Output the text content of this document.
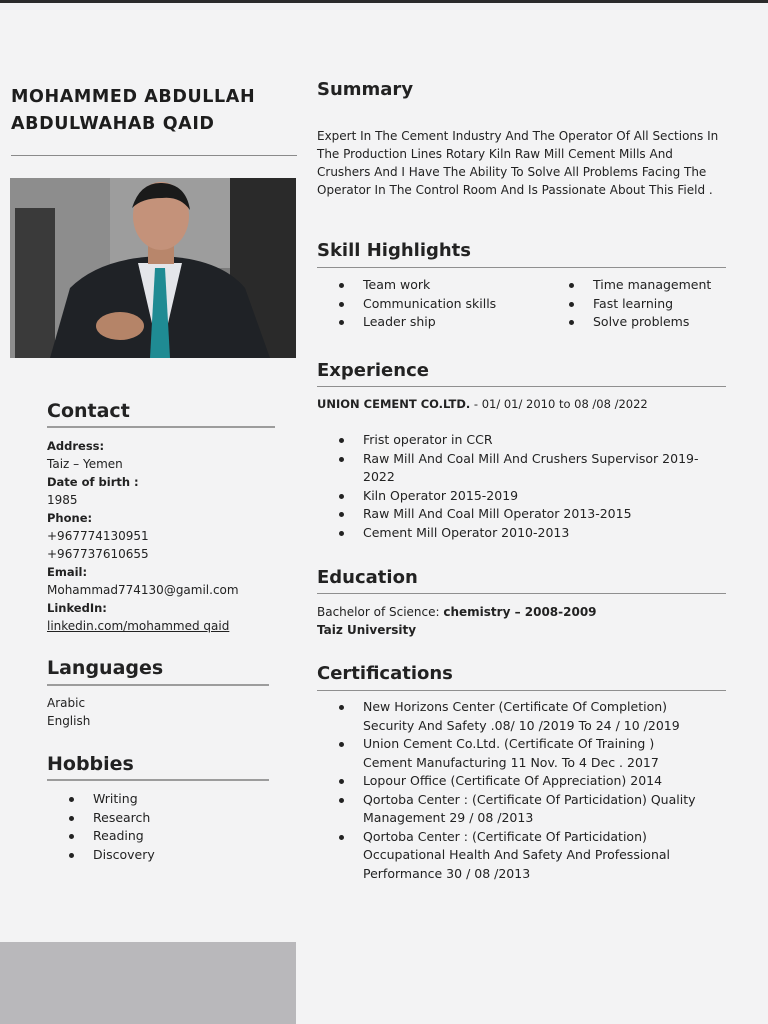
MOHAMMED ABDULLAH
ABDULWAHAB QAID
Contact
Address:
Taiz – Yemen
Date of birth :
1985
Phone:
+967774130951
+967737610655
Email:
Mohammad774130@gamil.com
LinkedIn:
linkedin.com/mohammed qaid
Languages
Arabic
English
Hobbies
Writing
Research
Reading
Discovery
Summary

Expert In The Cement Industry And The Operator Of All Sections In The Production Lines Rotary Kiln Raw Mill Cement Mills And Crushers And I Have The Ability To Solve All Problems Facing The Operator In The Control Room And Is Passionate About This Field .

Skill Highlights
Team work
Communication skills
Leader ship
Time management
Fast learning
Solve problems
Experience
UNION CEMENT CO.LTD. - 01/ 01/ 2010 to 08 /08 /2022
Frist operator in CCR
Raw Mill And Coal Mill And Crushers Supervisor 2019-2022
Kiln Operator 2015-2019
Raw Mill And Coal Mill Operator 2013-2015
Cement Mill Operator 2010-2013
Education
Bachelor of Science: chemistry – 2008-2009
Taiz University
Certifications
New Horizons Center (Certificate Of Completion) Security And Safety .08/ 10 /2019 To 24 / 10 /2019
Union Cement Co.Ltd. (Certificate Of Training ) Cement Manufacturing 11 Nov. To 4 Dec . 2017
Lopour Office (Certificate Of Appreciation) 2014
Qortoba Center : (Certificate Of Particidation) Quality Management 29 / 08 /2013
Qortoba Center : (Certificate Of Particidation) Occupational Health And Safety And Professional Performance 30 / 08 /2013
